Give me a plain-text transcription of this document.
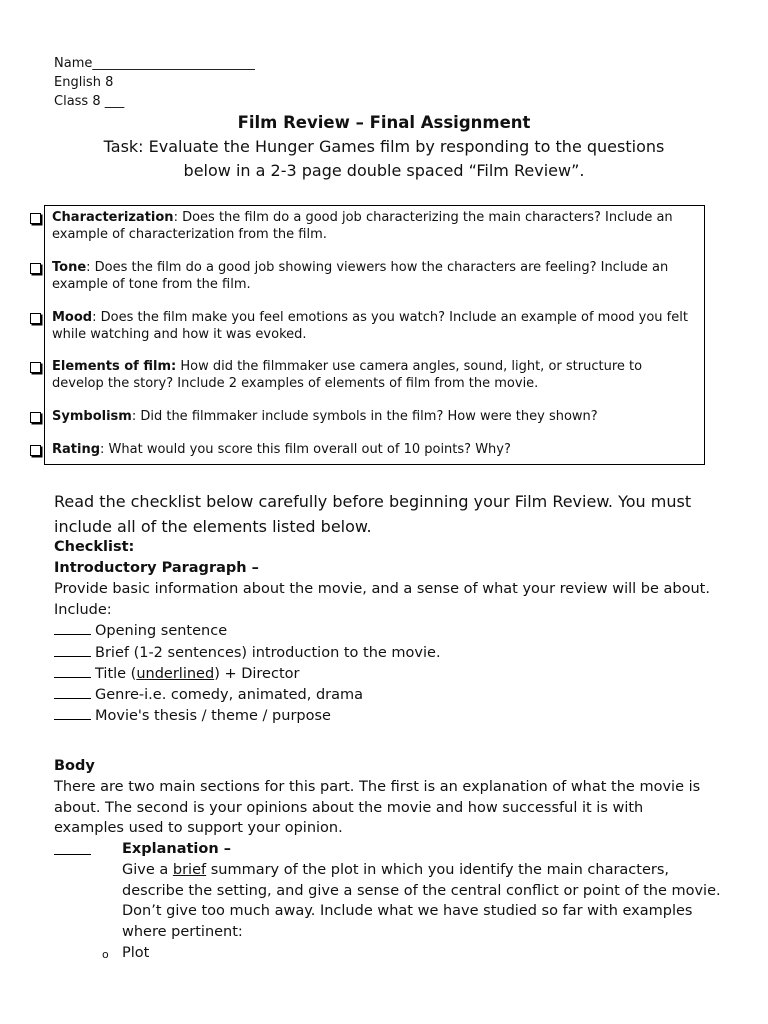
Name_________________________
English 8
Class 8 ___
Film Review – Final Assignment
Task: Evaluate the Hunger Games film by responding to the questions
below in a 2-3 page double spaced “Film Review”.
Characterization: Does the film do a good job characterizing the main characters? Include an example of characterization from the film.
Tone: Does the film do a good job showing viewers how the characters are feeling? Include an example of tone from the film.
Mood: Does the film make you feel emotions as you watch? Include an example of mood you felt while watching and how it was evoked.
Elements of film: How did the filmmaker use camera angles, sound, light, or structure to develop the story? Include 2 examples of elements of film from the movie.
Symbolism: Did the filmmaker include symbols in the film? How were they shown?
Rating: What would you score this film overall out of 10 points? Why?
Read the checklist below carefully before beginning your Film Review. You must include all of the elements listed below.
Checklist:
Introductory Paragraph –
Provide basic information about the movie, and a sense of what your review will be about. Include:
Opening sentence
Brief (1-2 sentences) introduction to the movie.
Title (underlined) + Director
Genre-i.e. comedy, animated, drama
Movie's thesis / theme / purpose
Body
There are two main sections for this part. The first is an explanation of what the movie is about. The second is your opinions about the movie and how successful it is with examples used to support your opinion.
Explanation –
Give a brief summary of the plot in which you identify the main characters, describe the setting, and give a sense of the central conflict or point of the movie. Don’t give too much away. Include what we have studied so far with examples where pertinent:
o Plot
